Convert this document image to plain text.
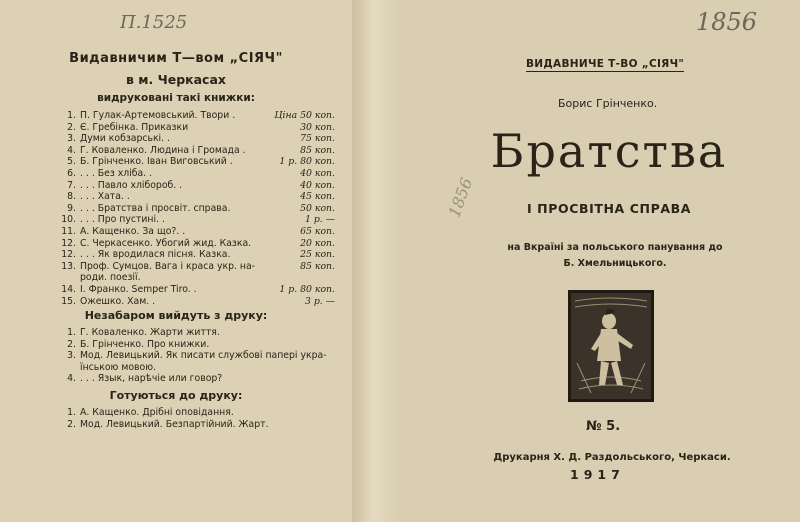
П.1525
Видавничим Т—вом „СІЯЧ"
в м. Черкасах
видруковані такі книжки:
1. П. Гулак-Артемовський. Твори .	Ціна 50 коп.
2. Є. Гребінка. Приказки	30 коп.
3. Думи кобзарські. .	75 коп.
4. Г. Коваленко. Людина і Громада .	85 коп.
5. Б. Грінченко. Іван Виговський .	1 р. 80 коп.
6. . . . Без хліба. .	40 коп.
7. . . . Павло хлібороб. .	40 коп.
8. . . . Хата. .	45 коп.
9. . . . Братства і просвіт. справа.	50 коп.
10. . . . Про пустині. .	1 р. —
11. А. Кащенко. За що?. .	65 коп.
12. С. Черкасенко. Убогий жид. Казка.	20 коп.
12. . . . Як вродилася пісня. Казка.	25 коп.
13. Проф. Сумцов. Вага і краса укр. на-	85 коп.
роди. поезії.
14. І. Франко. Semper Tiro. .	1 р. 80 коп.
15. Ожешко. Хам. .	3 р. —
Незабаром вийдуть з друку:
1. Г. Коваленко. Жарти життя.
2. Б. Грінченко. Про книжки.
3. Мод. Левицький. Як писати службові папері укра-
їнською мовою.
4. . . . Язык, нарѣчіе или говор?
Готуються до друку:
1. А. Кащенко. Дрібні оповідання.
2. Мод. Левицький. Безпартійний. Жарт.
1856
1856
ВИДАВНИЧЕ Т-ВО „СІЯЧ"
Борис Грінченко.
Братства
І ПРОСВІТНА СПРАВА
на Вкраїні за польського панування до
Б. Хмельницького.
№ 5.
Друкарня Х. Д. Раздольського, Черкаси.
1917
